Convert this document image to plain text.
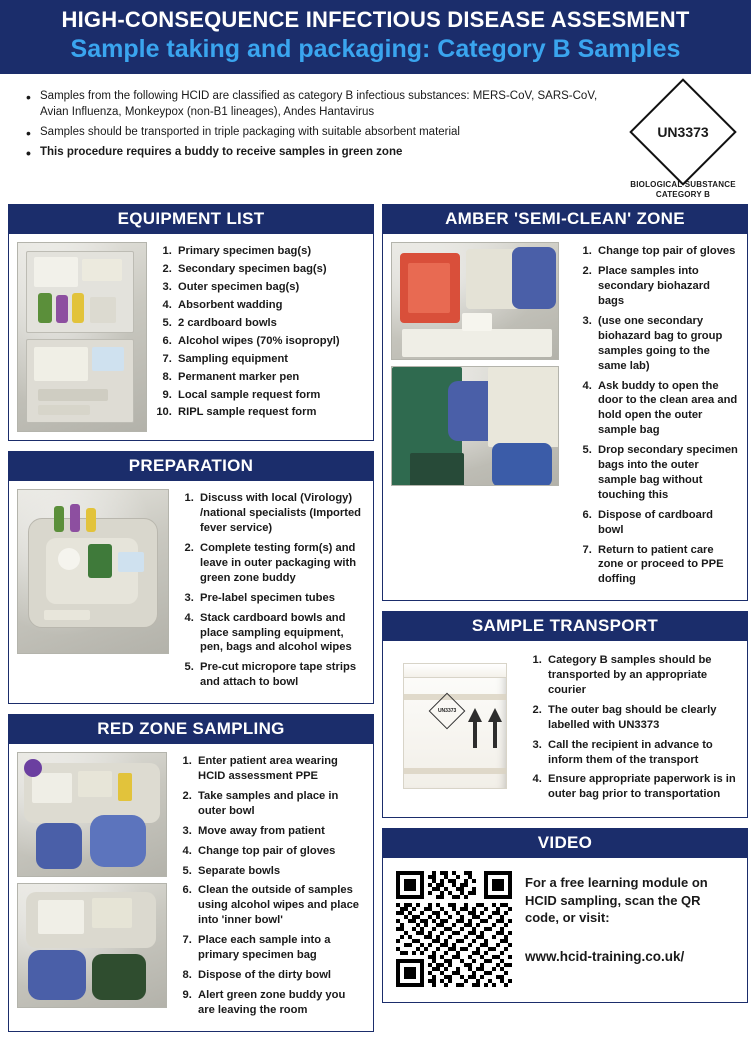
HIGH-CONSEQUENCE INFECTIOUS DISEASE ASSESMENT
Sample taking and packaging: Category B Samples
• Samples from the following HCID are classified as category B infectious substances: MERS-CoV, SARS-CoV, Avian Influenza, Monkeypox (non-B1 lineages), Andes Hantavirus
• Samples should be transported in triple packaging with suitable absorbent material
• This procedure requires a buddy to receive samples in green zone
UN3373
BIOLOGICAL SUBSTANCE CATEGORY B
EQUIPMENT LIST
1. Primary specimen bag(s)
2. Secondary specimen bag(s)
3. Outer specimen bag(s)
4. Absorbent wadding
5. 2 cardboard bowls
6. Alcohol wipes (70% isopropyl)
7. Sampling equipment
8. Permanent marker pen
9. Local sample request form
10. RIPL sample request form
PREPARATION
1. Discuss with local (Virology) /national specialists (Imported fever service)
2. Complete testing form(s) and leave in outer packaging with green zone buddy
3. Pre-label specimen tubes
4. Stack cardboard bowls and place sampling equipment, pen, bags and alcohol wipes
5. Pre-cut micropore tape strips and attach to bowl
RED ZONE SAMPLING
1. Enter patient area wearing HCID assessment PPE
2. Take samples and place in outer bowl
3. Move away from patient
4. Change top pair of gloves
5. Separate bowls
6. Clean the outside of samples using alcohol wipes and place into 'inner bowl'
7. Place each sample into a primary specimen bag
8. Dispose of the dirty bowl
9. Alert green zone buddy you are leaving the room
AMBER 'SEMI-CLEAN' ZONE
1. Change top pair of gloves
2. Place samples into secondary biohazard bags
3. (use one secondary biohazard bag to group samples going to the same lab)
4. Ask buddy to open the door to the clean area and hold open the outer sample bag
5. Drop secondary specimen bags into the outer sample bag without touching this
6. Dispose of cardboard bowl
7. Return to patient care zone or proceed to PPE doffing
SAMPLE TRANSPORT
UN3373
1. Category B samples should be transported by an appropriate courier
2. The outer bag should be clearly labelled with UN3373
3. Call the recipient in advance to inform them of the transport
4. Ensure appropriate paperwork is in outer bag prior to transportation
VIDEO
For a free learning module on HCID sampling, scan the QR code, or visit:
www.hcid-training.co.uk/
